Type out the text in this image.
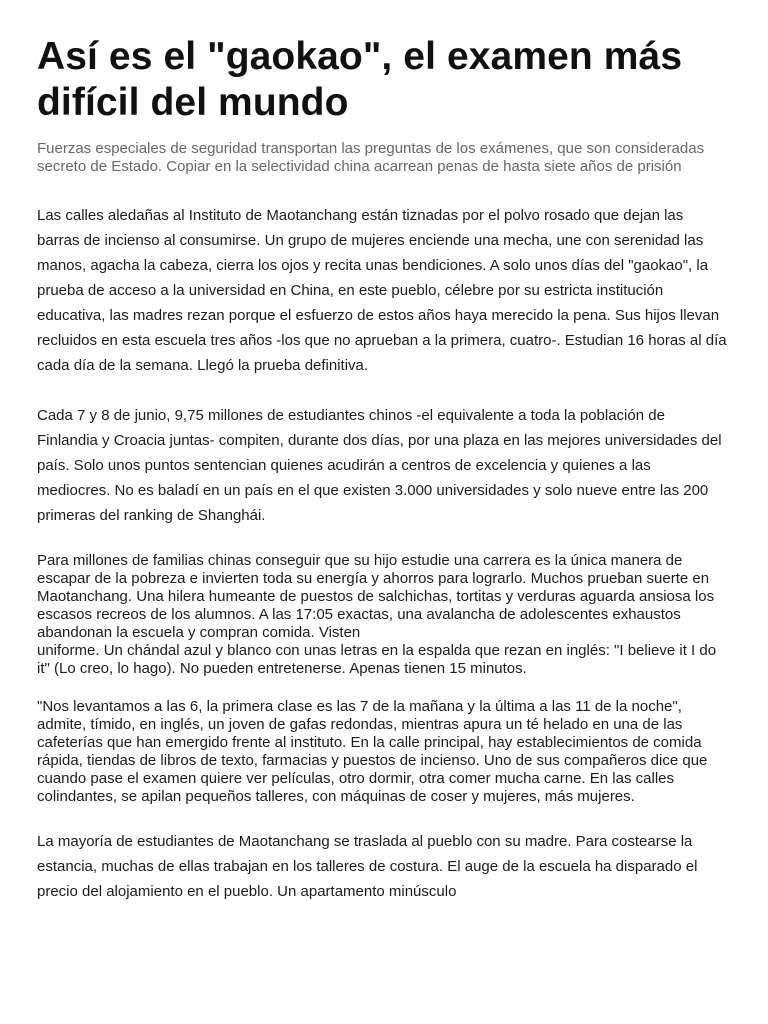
Así es el "gaokao", el examen más difícil del mundo

Fuerzas especiales de seguridad transportan las preguntas de los exámenes, que son consideradas secreto de Estado. Copiar en la selectividad china acarrean penas de hasta siete años de prisión

Las calles aledañas al Instituto de Maotanchang están tiznadas por el polvo rosado que dejan las barras de incienso al consumirse. Un grupo de mujeres enciende una mecha, une con serenidad las manos, agacha la cabeza, cierra los ojos y recita unas bendiciones. A solo unos días del "gaokao", la prueba de acceso a la universidad en China, en este pueblo, célebre por su estricta institución educativa, las madres rezan porque el esfuerzo de estos años haya merecido la pena. Sus hijos llevan recluidos en esta escuela tres años -los que no aprueban a la primera, cuatro-. Estudian 16 horas al día cada día de la semana. Llegó la prueba definitiva.

Cada 7 y 8 de junio, 9,75 millones de estudiantes chinos -el equivalente a toda la población de Finlandia y Croacia juntas- compiten, durante dos días, por una plaza en las mejores universidades del país. Solo unos puntos sentencian quienes acudirán a centros de excelencia y quienes a las mediocres. No es baladí en un país en el que existen 3.000 universidades y solo nueve entre las 200 primeras del ranking de Shanghái.

Para millones de familias chinas conseguir que su hijo estudie una carrera es la única manera de escapar de la pobreza e invierten toda su energía y ahorros para lograrlo. Muchos prueban suerte en Maotanchang. Una hilera humeante de puestos de salchichas, tortitas y verduras aguarda ansiosa los escasos recreos de los alumnos. A las 17:05 exactas, una avalancha de adolescentes exhaustos abandonan la escuela y compran comida. Visten

uniforme. Un chándal azul y blanco con unas letras en la espalda que rezan en inglés: "I believe it I do it" (Lo creo, lo hago). No pueden entretenerse. Apenas tienen 15 minutos.

"Nos levantamos a las 6, la primera clase es las 7 de la mañana y la última a las 11 de la noche", admite, tímido, en inglés, un joven de gafas redondas, mientras apura un té helado en una de las cafeterías que han emergido frente al instituto. En la calle principal, hay establecimientos de comida rápida, tiendas de libros de texto, farmacias y puestos de incienso. Uno de sus compañeros dice que cuando pase el examen quiere ver películas, otro dormir, otra comer mucha carne. En las calles colindantes, se apilan pequeños talleres, con máquinas de coser y mujeres, más mujeres.

La mayoría de estudiantes de Maotanchang se traslada al pueblo con su madre. Para costearse la estancia, muchas de ellas trabajan en los talleres de costura. El auge de la escuela ha disparado el precio del alojamiento en el pueblo. Un apartamento minúsculo
